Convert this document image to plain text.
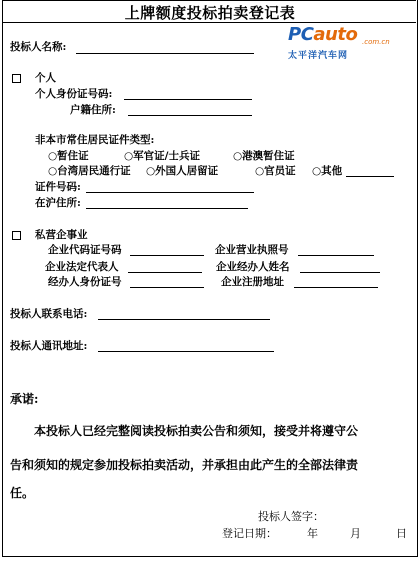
上牌额度投标拍卖登记表
PCauto .com.cn
太平洋汽车网
投标人名称:
个人
个人身份证号码:
户籍住所:
非本市常住居民证件类型:
○暂住证	○军官证/士兵证	○港澳暂住证
○台湾居民通行证 ○外国人居留证	○官员证 ○其他
证件号码:
在沪住所:
私营企事业
企业代码证号码	企业营业执照号
企业法定代表人	企业经办人姓名
经办人身份证号	企业注册地址
投标人联系电话:
投标人通讯地址:
承诺:
本投标人已经完整阅读投标拍卖公告和须知，接受并将遵守公
告和须知的规定参加投标拍卖活动，并承担由此产生的全部法律责
任。
投标人签字：
登记日期：	年	月	日
